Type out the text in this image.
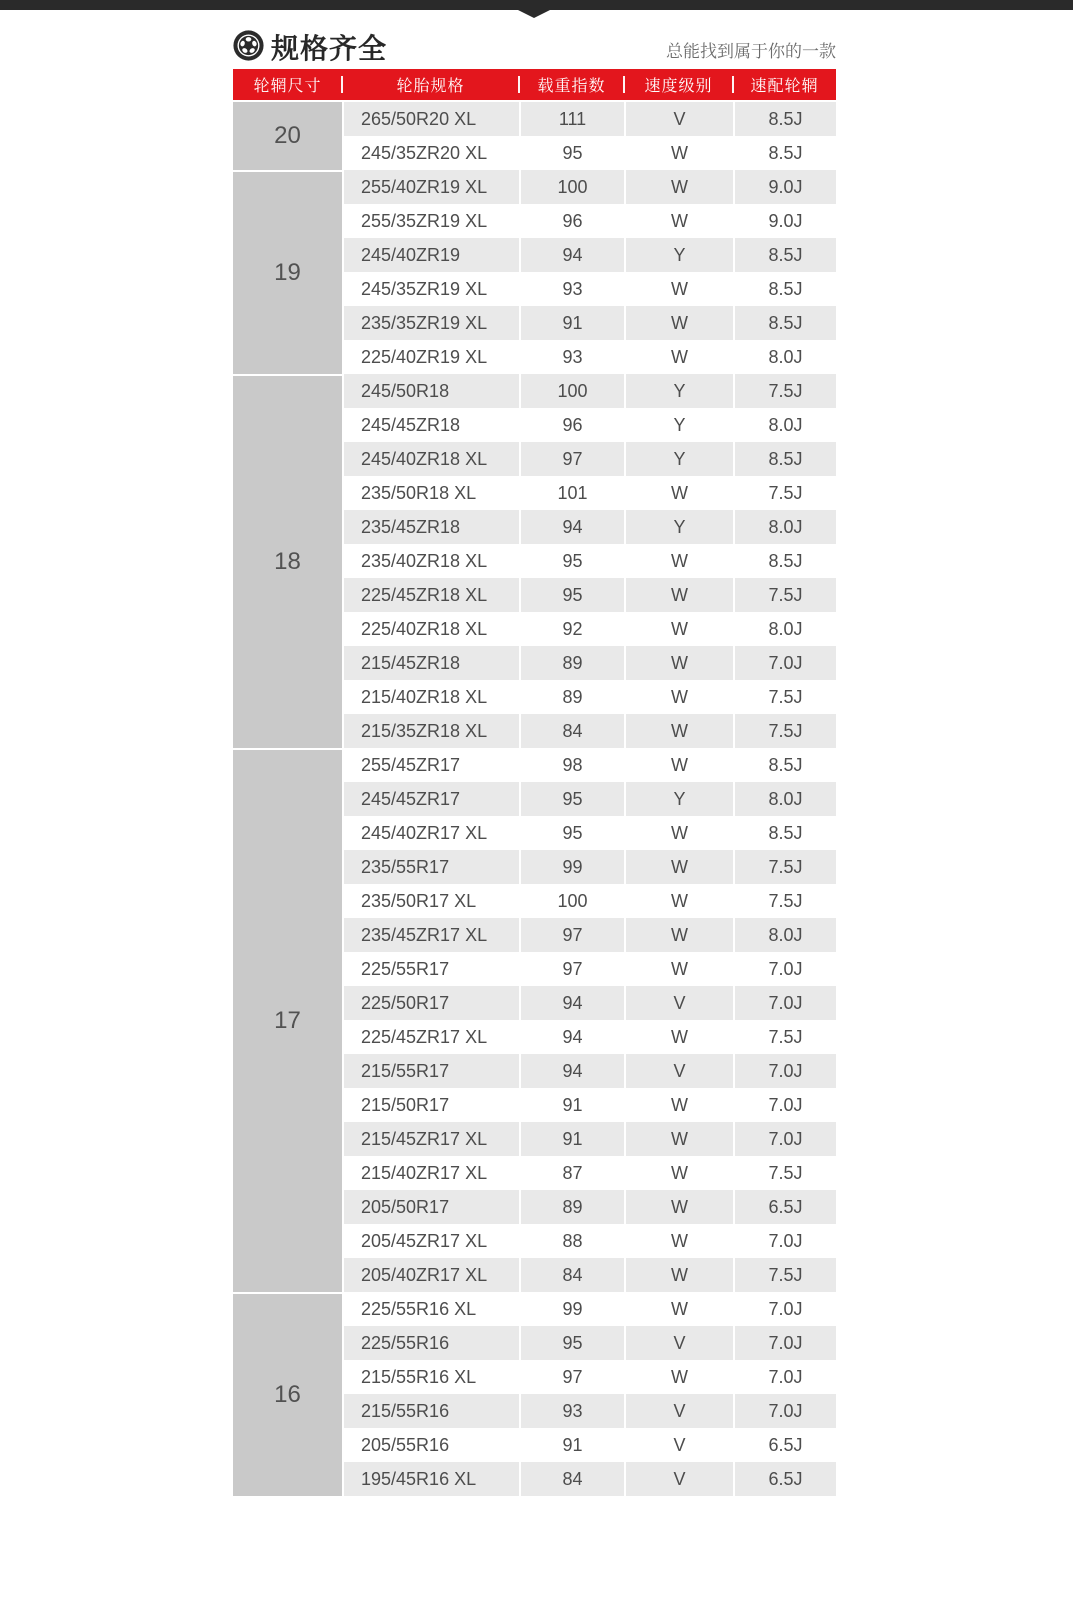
规格齐全	总能找到属于你的一款
轮辋尺寸	轮胎规格	载重指数	速度级别	速配轮辋
20
265/50R20 XL	111	V	8.5J
245/35ZR20 XL	95	W	8.5J
19
255/40ZR19 XL	100	W	9.0J
255/35ZR19 XL	96	W	9.0J
245/40ZR19	94	Y	8.5J
245/35ZR19 XL	93	W	8.5J
235/35ZR19 XL	91	W	8.5J
225/40ZR19 XL	93	W	8.0J
18
245/50R18	100	Y	7.5J
245/45ZR18	96	Y	8.0J
245/40ZR18 XL	97	Y	8.5J
235/50R18 XL	101	W	7.5J
235/45ZR18	94	Y	8.0J
235/40ZR18 XL	95	W	8.5J
225/45ZR18 XL	95	W	7.5J
225/40ZR18 XL	92	W	8.0J
215/45ZR18	89	W	7.0J
215/40ZR18 XL	89	W	7.5J
215/35ZR18 XL	84	W	7.5J
17
255/45ZR17	98	W	8.5J
245/45ZR17	95	Y	8.0J
245/40ZR17 XL	95	W	8.5J
235/55R17	99	W	7.5J
235/50R17 XL	100	W	7.5J
235/45ZR17 XL	97	W	8.0J
225/55R17	97	W	7.0J
225/50R17	94	V	7.0J
225/45ZR17 XL	94	W	7.5J
215/55R17	94	V	7.0J
215/50R17	91	W	7.0J
215/45ZR17 XL	91	W	7.0J
215/40ZR17 XL	87	W	7.5J
205/50R17	89	W	6.5J
205/45ZR17 XL	88	W	7.0J
205/40ZR17 XL	84	W	7.5J
16
225/55R16 XL	99	W	7.0J
225/55R16	95	V	7.0J
215/55R16 XL	97	W	7.0J
215/55R16	93	V	7.0J
205/55R16	91	V	6.5J
195/45R16 XL	84	V	6.5J
